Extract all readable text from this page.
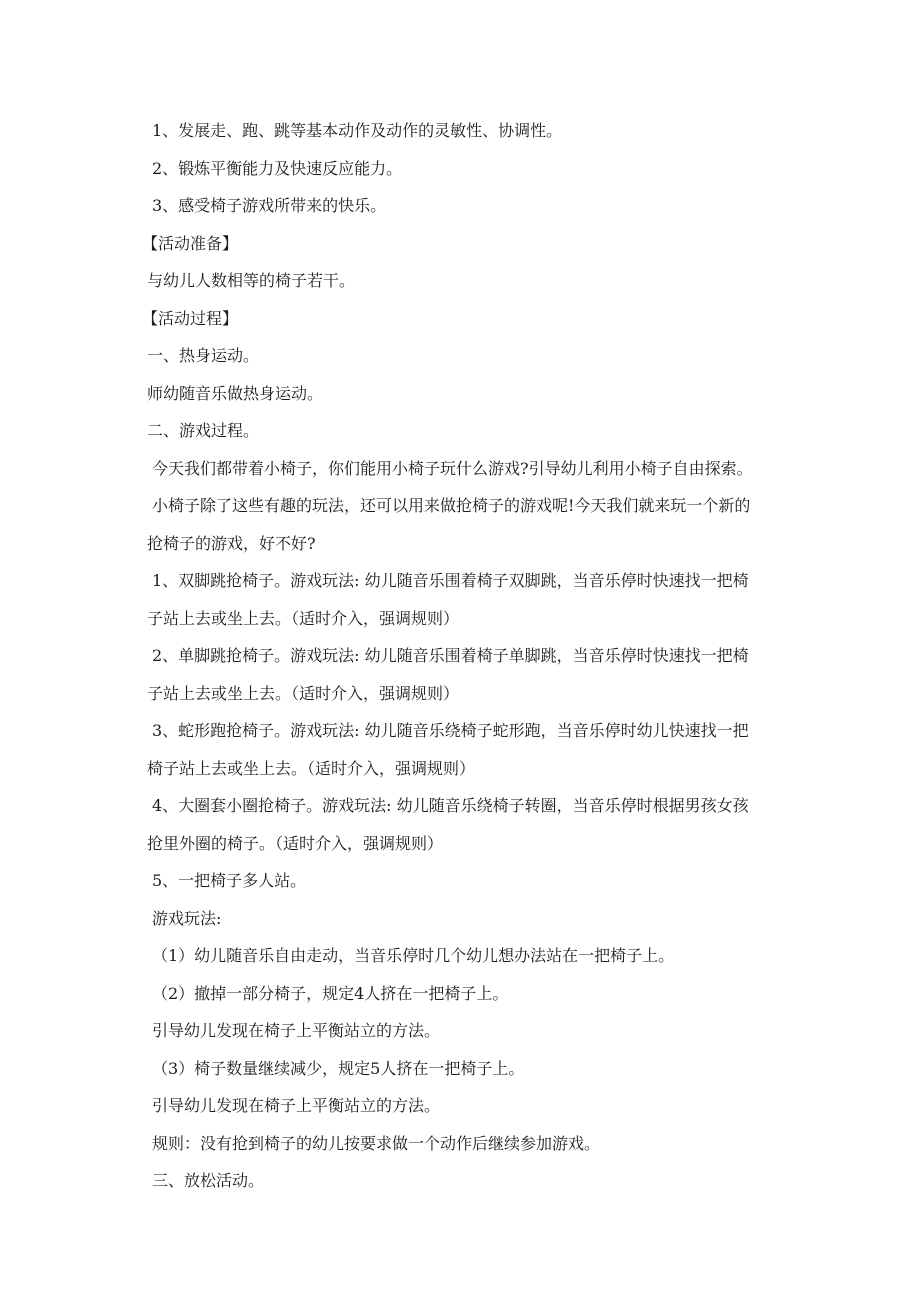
1、发展走、跑、跳等基本动作及动作的灵敏性、协调性。

2、锻炼平衡能力及快速反应能力。

3、感受椅子游戏所带来的快乐。

【活动准备】

与幼儿人数相等的椅子若干。

【活动过程】

一、热身运动。

师幼随音乐做热身运动。

二、游戏过程。

今天我们都带着小椅子，你们能用小椅子玩什么游戏?引导幼儿利用小椅子自由探索。

小椅子除了这些有趣的玩法，还可以用来做抢椅子的游戏呢!今天我们就来玩一个新的

抢椅子的游戏，好不好?

1、双脚跳抢椅子。游戏玩法: 幼儿随音乐围着椅子双脚跳，当音乐停时快速找一把椅

子站上去或坐上去。（适时介入，强调规则）

2、单脚跳抢椅子。游戏玩法: 幼儿随音乐围着椅子单脚跳，当音乐停时快速找一把椅

子站上去或坐上去。（适时介入，强调规则）

3、蛇形跑抢椅子。游戏玩法: 幼儿随音乐绕椅子蛇形跑，当音乐停时幼儿快速找一把

椅子站上去或坐上去。（适时介入，强调规则）

4、大圈套小圈抢椅子。游戏玩法: 幼儿随音乐绕椅子转圈，当音乐停时根据男孩女孩

抢里外圈的椅子。（适时介入，强调规则）

5、一把椅子多人站。

游戏玩法:

（1）幼儿随音乐自由走动，当音乐停时几个幼儿想办法站在一把椅子上。

（2）撤掉一部分椅子，规定4人挤在一把椅子上。

引导幼儿发现在椅子上平衡站立的方法。

（3）椅子数量继续减少，规定5人挤在一把椅子上。

引导幼儿发现在椅子上平衡站立的方法。

规则：没有抢到椅子的幼儿按要求做一个动作后继续参加游戏。

三、放松活动。
